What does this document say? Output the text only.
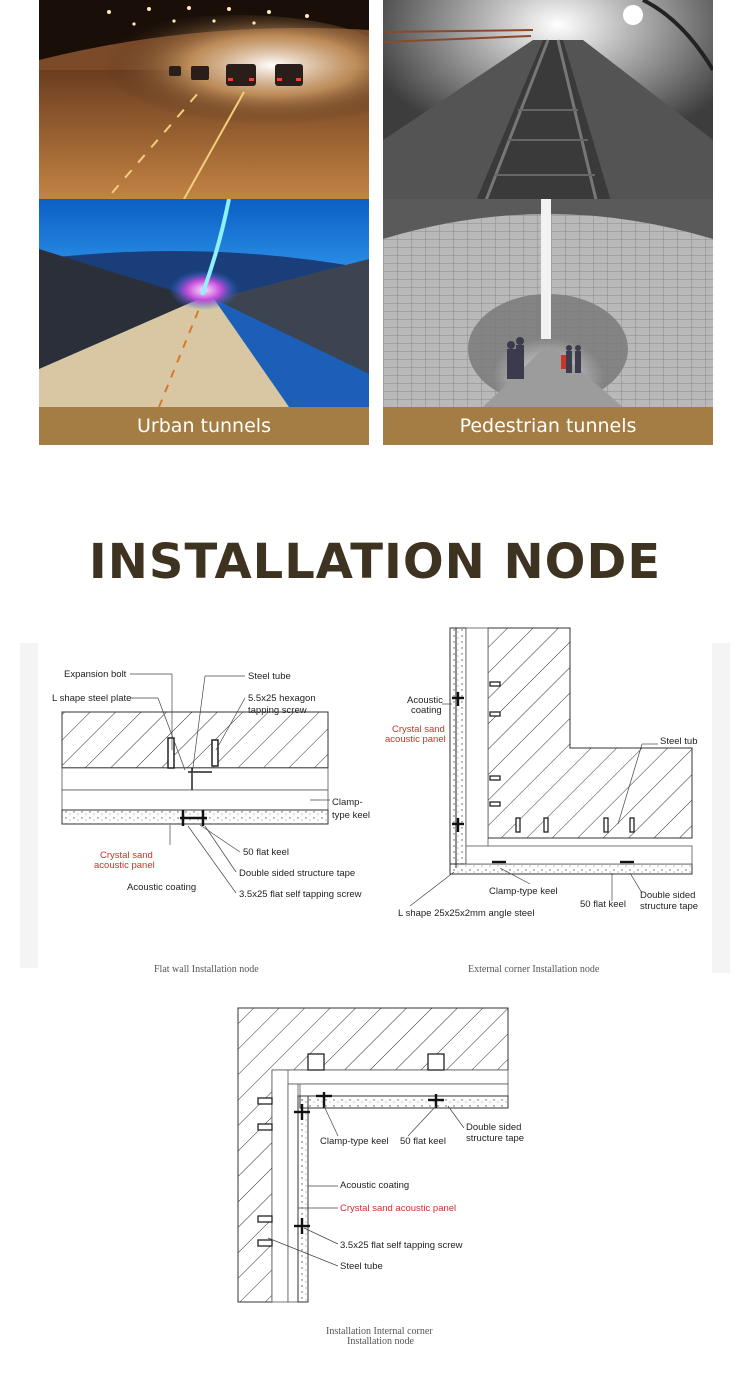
Urban tunnels	Pedestrian tunnels
INSTALLATION NODE
Expansion bolt	Steel tube
L shape steel plate	5.5x25 hexagon
tapping screw
Clamp-
type keel
Crystal sand
acoustic panel
50 flat keel
Double sided structure tape
Acoustic coating
3.5x25 flat self tapping screw
Flat wall Installation node
Acoustic
coating
Crystal sand
acoustic panel	Steel tub
Clamp-type keel
50 flat keel
Double sided
structure tape
L shape 25x25x2mm angle steel
External corner Installation node
Clamp-type keel 50 flat keel
Double sided
structure tape
Acoustic coating
Crystal sand acoustic panel
3.5x25 flat self tapping screw
Steel tube
Installation Internal corner
Installation node
